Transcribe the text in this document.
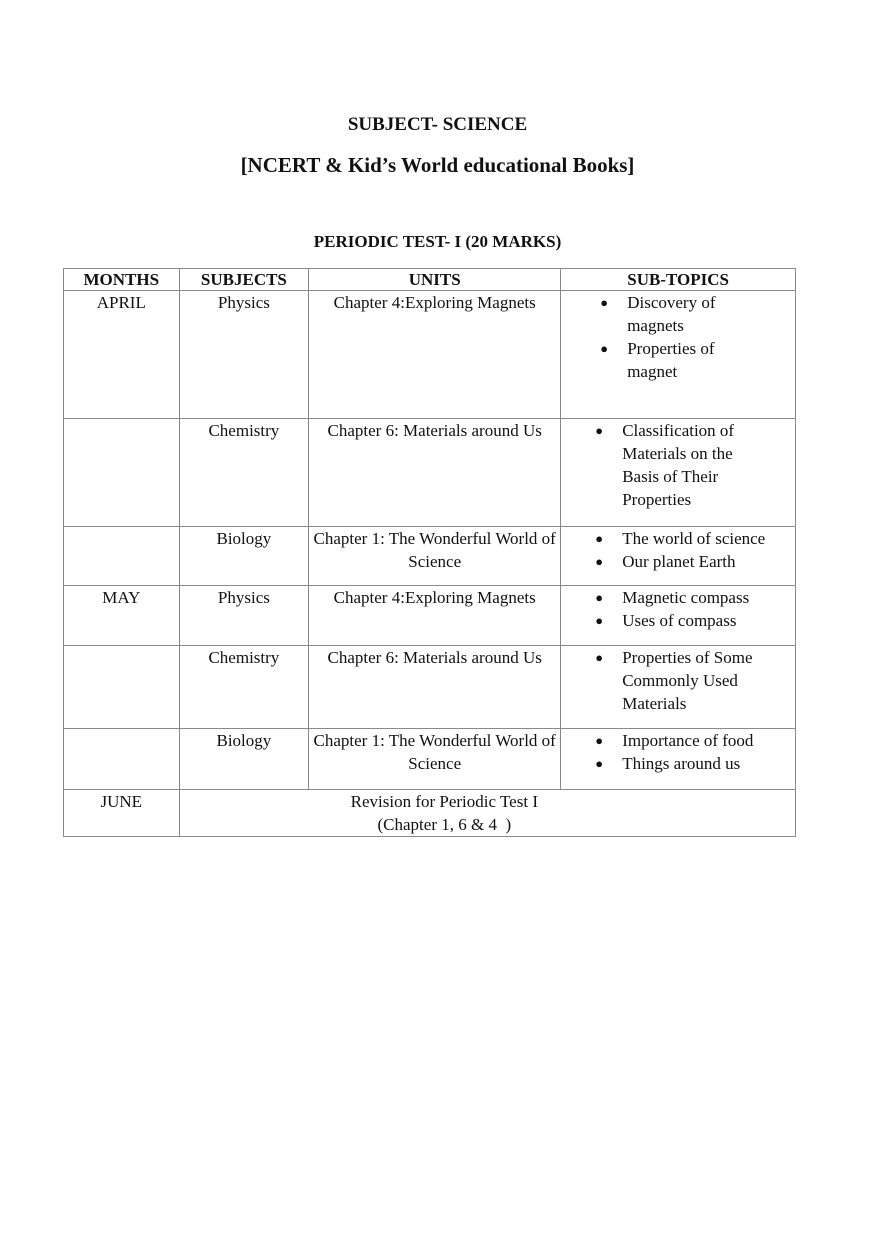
SUBJECT- SCIENCE
[NCERT & Kid’s World educational Books]
PERIODIC TEST- I (20 MARKS)
MONTHS	SUBJECTS	UNITS	SUB-TOPICS
APRIL	Physics	Chapter 4:Exploring Magnets	
●Discovery of magnets
● Properties of magnet

	Chemistry	Chapter 6: Materials around Us	
●Classification of Materials on the Basis of Their Properties

	Biology	Chapter 1: The Wonderful World of Science	
● The world of science
● Our planet Earth

MAY	Physics	Chapter 4:Exploring Magnets	
●Magnetic compass
● Uses of compass

	Chemistry	Chapter 6: Materials around Us	
●Properties of Some Commonly Used Materials

	Biology	Chapter 1: The Wonderful World of Science	
● Importance of food
● Things around us

JUNE	Revision for Periodic Test I
(Chapter 1, 6 & 4  )		
